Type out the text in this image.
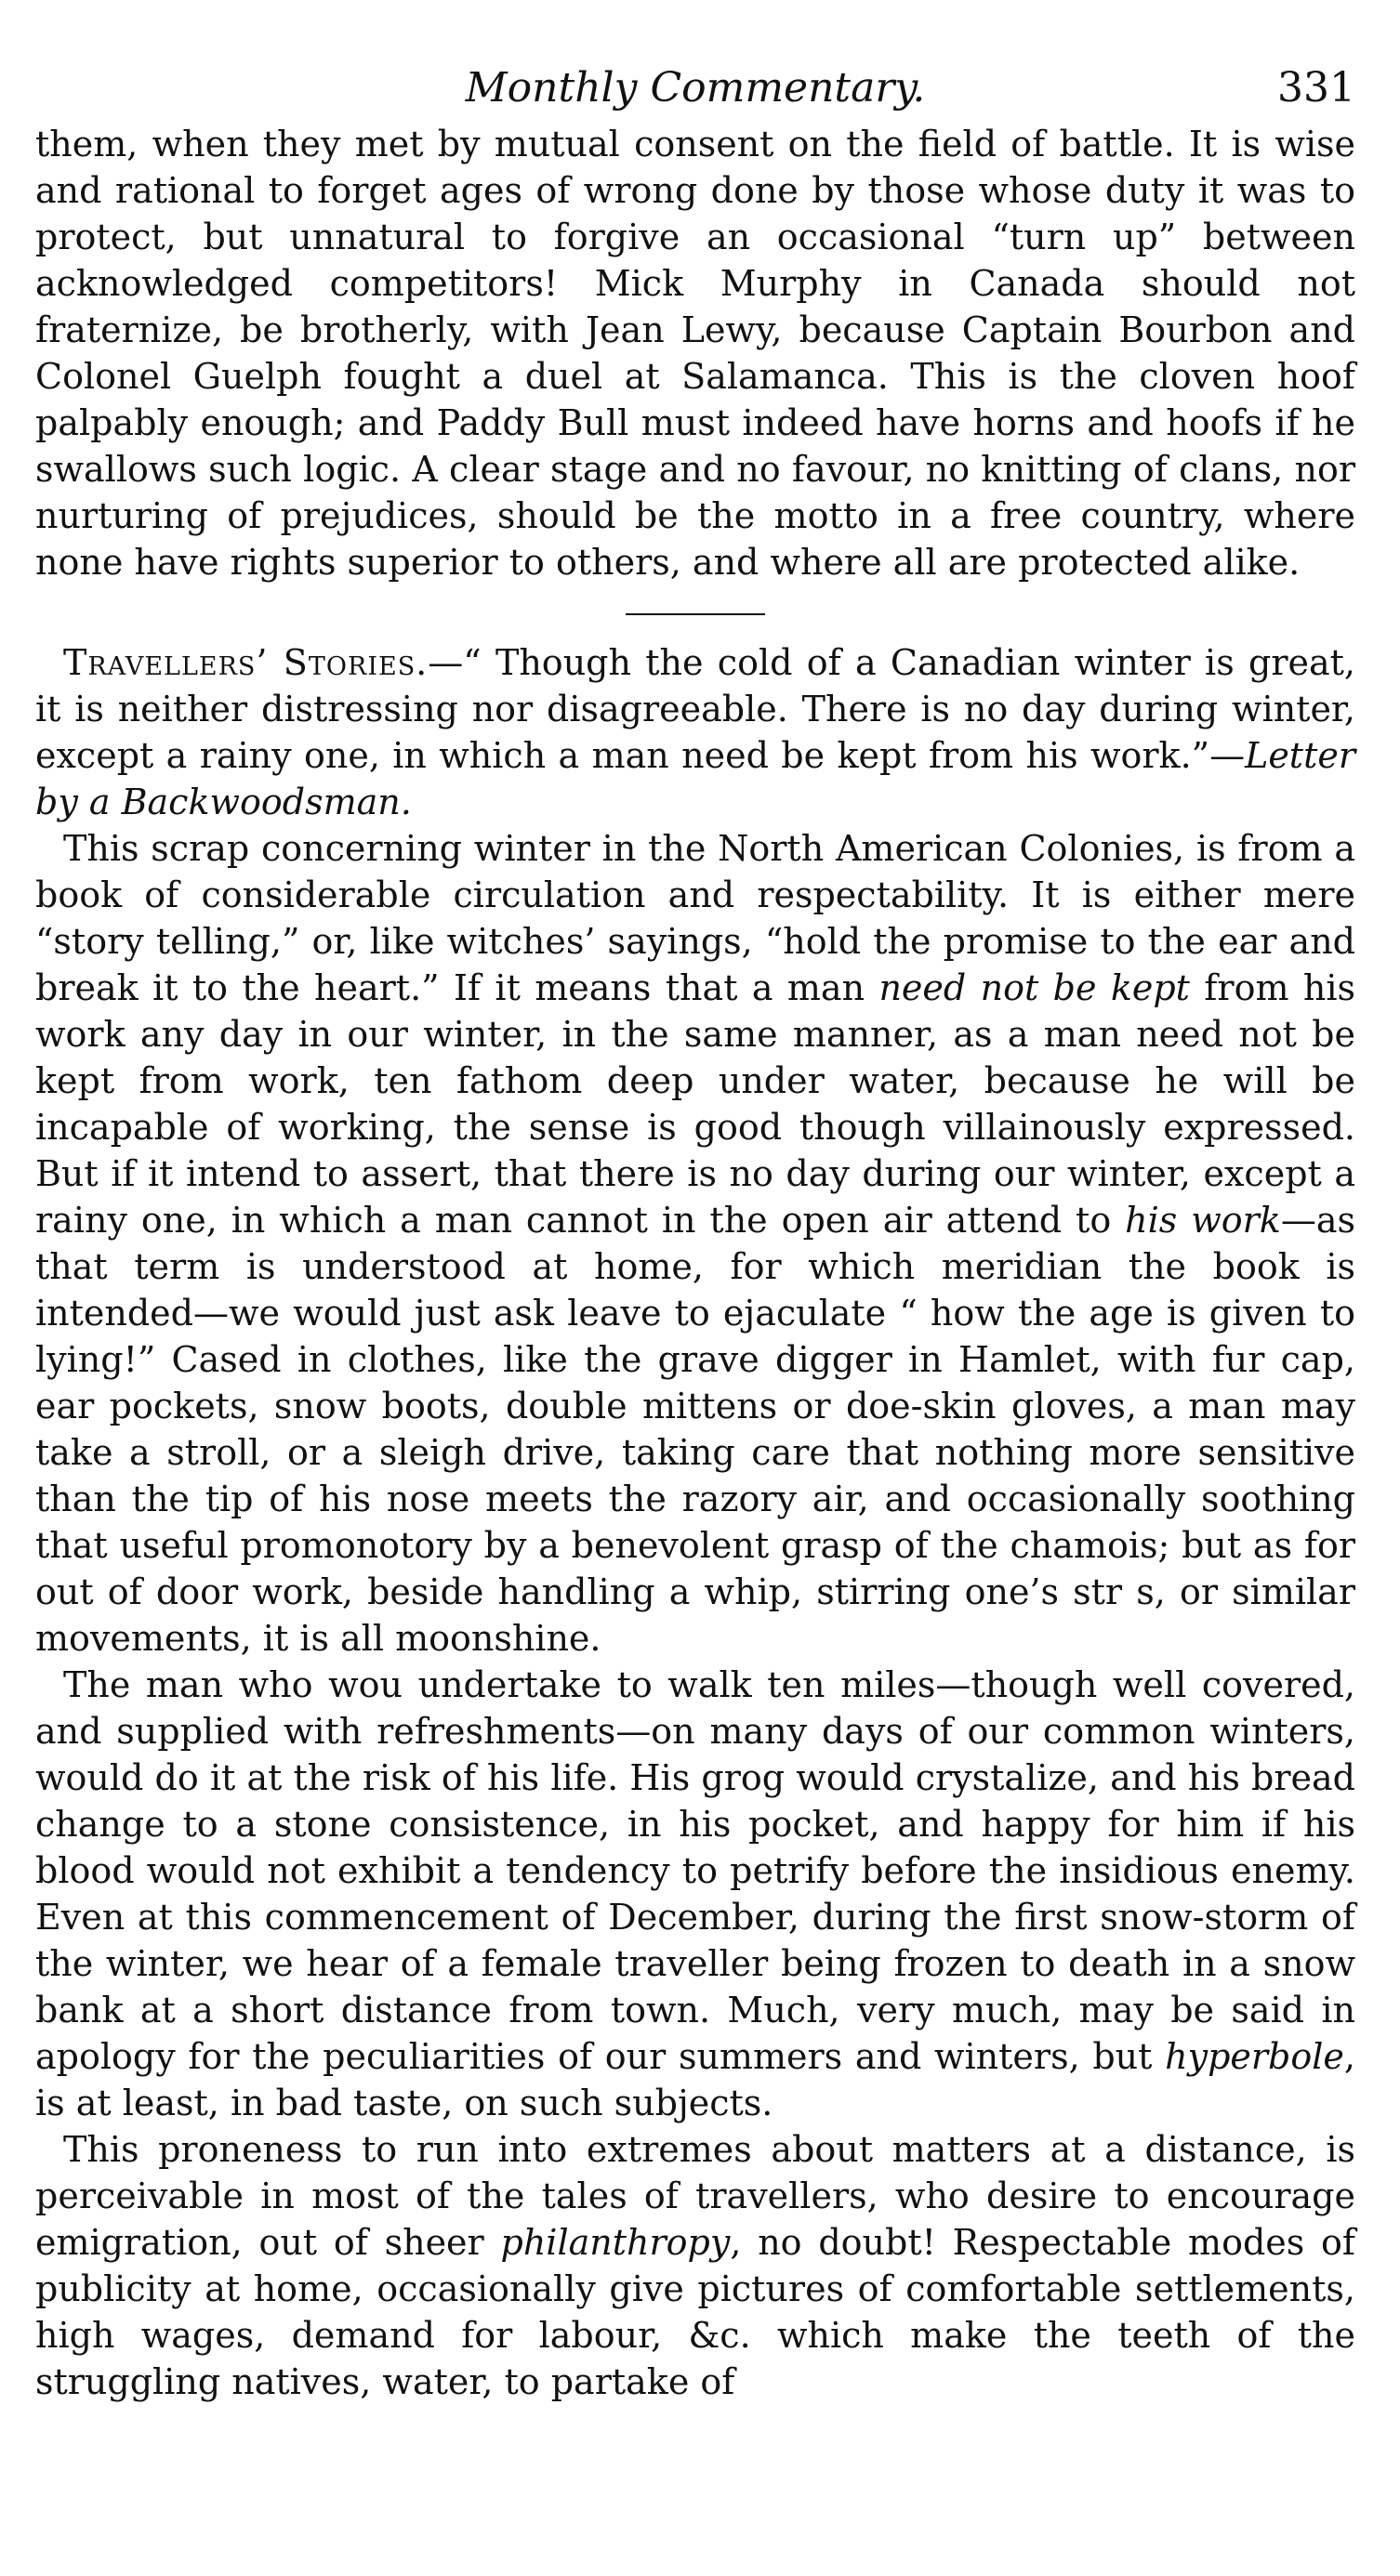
Monthly Commentary.	331

them, when they met by mutual consent on the field of battle. It is wise and rational to forget ages of wrong done by those whose duty it was to protect, but unnatural to forgive an occasional “turn up” between acknowledged competitors! Mick Murphy in Canada should not fraternize, be brotherly, with Jean Lewy, because Captain Bourbon and Colonel Guelph fought a duel at Salamanca. This is the cloven hoof palpably enough; and Paddy Bull must indeed have horns and hoofs if he swallows such logic. A clear stage and no favour, no knitting of clans, nor nurturing of prejudices, should be the motto in a free country, where none have rights superior to others, and where all are protected alike.

Travellers’ Stories.—“ Though the cold of a Canadian winter is great, it is neither distressing nor disagreeable. There is no day during winter, except a rainy one, in which a man need be kept from his work.”—Letter by a Backwoodsman.

This scrap concerning winter in the North American Colonies, is from a book of considerable circulation and respectability. It is either mere “story telling,” or, like witches’ sayings, “hold the promise to the ear and break it to the heart.” If it means that a man need not be kept from his work any day in our winter, in the same manner, as a man need not be kept from work, ten fathom deep under water, because he will be incapable of working, the sense is good though villainously expressed. But if it intend to assert, that there is no day during our winter, except a rainy one, in which a man cannot in the open air attend to his work—as that term is understood at home, for which meridian the book is intended—we would just ask leave to ejaculate “ how the age is given to lying!” Cased in clothes, like the grave digger in Hamlet, with fur cap, ear pockets, snow boots, double mittens or doe-skin gloves, a man may take a stroll, or a sleigh drive, taking care that nothing more sensitive than the tip of his nose meets the razory air, and occasionally soothing that useful promonotory by a benevolent grasp of the chamois; but as for out of door work, beside handling a whip, stirring one’s str s, or similar movements, it is all moonshine.

The man who wou undertake to walk ten miles—though well covered, and supplied with refreshments—on many days of our common winters, would do it at the risk of his life. His grog would crystalize, and his bread change to a stone consistence, in his pocket, and happy for him if his blood would not exhibit a tendency to petrify before the insidious enemy. Even at this commencement of December, during the first snow-storm of the winter, we hear of a female traveller being frozen to death in a snow bank at a short distance from town. Much, very much, may be said in apology for the peculiarities of our summers and winters, but hyperbole, is at least, in bad taste, on such subjects.

This proneness to run into extremes about matters at a distance, is perceivable in most of the tales of travellers, who desire to encourage emigration, out of sheer philanthropy, no doubt! Respectable modes of publicity at home, occasionally give pictures of comfortable settlements, high wages, demand for labour, &c. which make the teeth of the struggling natives, water, to partake of
